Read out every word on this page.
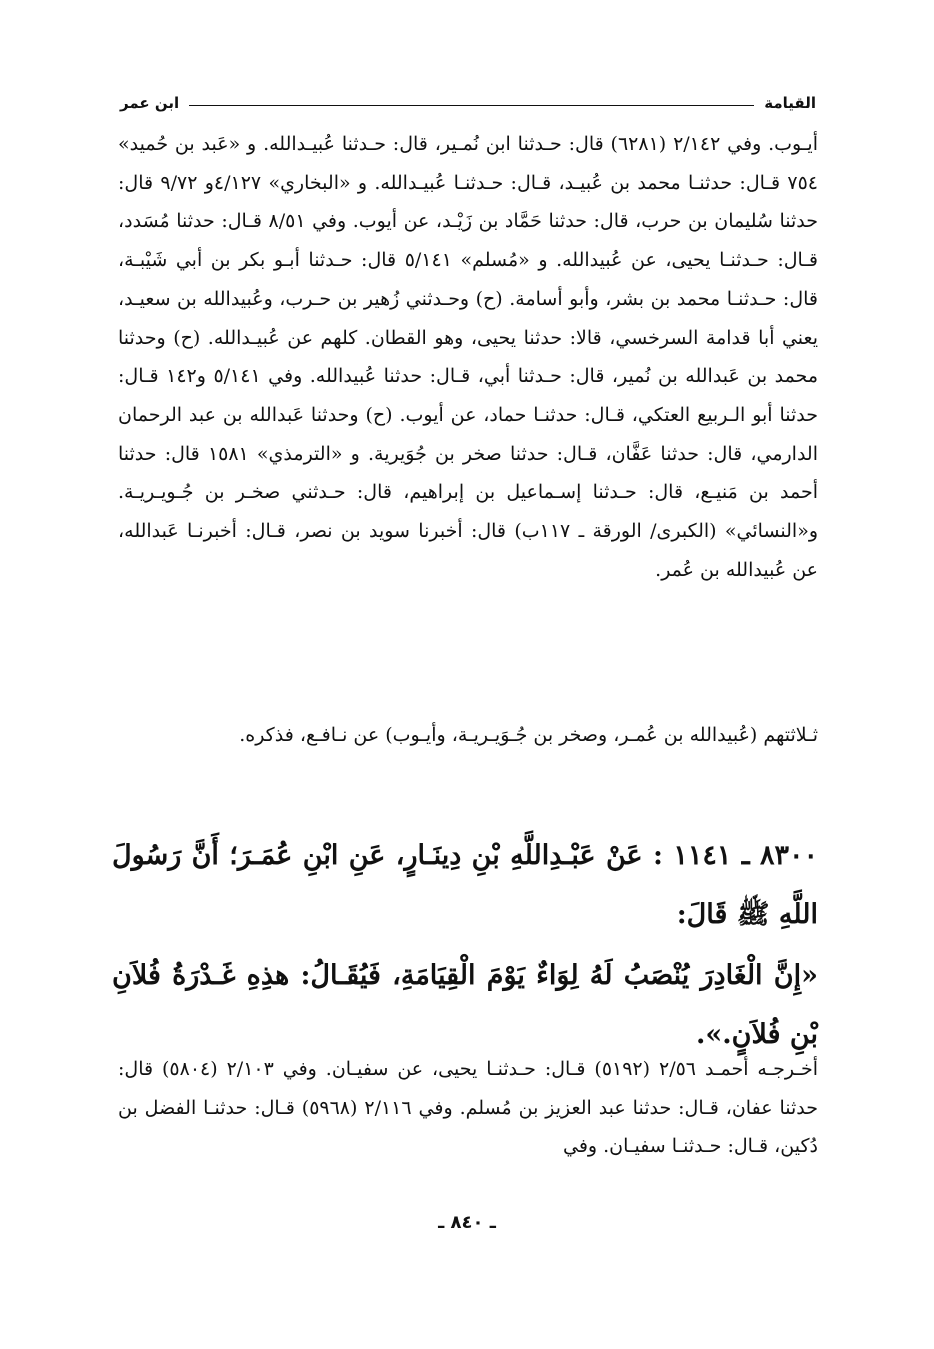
القيامة
ابن عمر

أيـوب. وفي ٢/١٤٢ (٦٢٨١) قال: حـدثنا ابن نُمـير، قال: حـدثنا عُبيـدالله. و «عَبد بن حُميد» ٧٥٤ قـال: حدثنـا محمد بن عُبيـد، قـال: حـدثنـا عُبيـدالله. و «البخاري» ٤/١٢٧و ٩/٧٢ قال: حدثنا سُليمان بن حرب، قال: حدثنا حَمَّاد بن زَيْـد، عن أيوب. وفي ٨/٥١ قـال: حدثنا مُسَدد، قـال: حـدثنـا يحيى، عن عُبيدالله. و «مُسلم» ٥/١٤١ قال: حـدثنا أبـو بكر بن أبي شَيْبـة، قال: حـدثنـا محمد بن بشر، وأبو أسامة. (ح) وحـدثني زُهير بن حـرب، وعُبيدالله بن سعيـد، يعني أبا قدامة السرخسي، قالا: حدثنا يحيى، وهو القطان. كلهم عن عُبيـدالله. (ح) وحدثنا محمد بن عَبدالله بن نُمير، قال: حـدثنا أبي، قـال: حدثنا عُبيدالله. وفي ٥/١٤١ و١٤٢ قـال: حدثنا أبو الـربيع العتكي، قـال: حدثنـا حماد، عن أيوب. (ح) وحدثنا عَبدالله بن عبد الرحمان الدارمي، قال: حدثنا عَفَّان، قـال: حدثنا صخر بن جُوَيرية. و «الترمذي» ١٥٨١ قال: حدثنا أحمد بن مَنيـع، قال: حـدثنا إسـماعيل بن إبراهيم، قال: حـدثني صخـر بن جُـويـريـة. و«النسائي» (الكبرى/ الورقة ـ ١١٧ب) قال: أخبرنا سويد بن نصر، قـال: أخبرنـا عَبدالله، عن عُبيدالله بن عُمر.

ثـلاثتهم (عُبيدالله بن عُمـر، وصخر بن جُـوَيـريـة، وأيـوب) عن نـافـع، فذكره.

٨٣٠٠ ـ ١١٤١ : عَنْ عَبْـدِاللَّهِ بْنِ دِينَـارٍ، عَنِ ابْنِ عُمَـرَ؛ أَنَّ رَسُولَ اللَّهِ ﷺ قَالَ:

«إِنَّ الْغَادِرَ يُنْصَبُ لَهُ لِوَاءٌ يَوْمَ الْقِيَامَةِ، فَيُقَـالُ: هذِهِ غَـدْرَةُ فُلاَنِ بْنِ فُلاَنٍ.».

أخـرجـه أحمـد ٢/٥٦ (٥١٩٢) قـال: حـدثنـا يحيى، عن سفيـان. وفي ٢/١٠٣ (٥٨٠٤) قال: حدثنا عفان، قـال: حدثنا عبد العزيز بن مُسلم. وفي ٢/١١٦ (٥٩٦٨) قـال: حدثنـا الفضل بن دُكين، قـال: حـدثنـا سفيـان. وفي

ـ ٨٤٠ ـ
